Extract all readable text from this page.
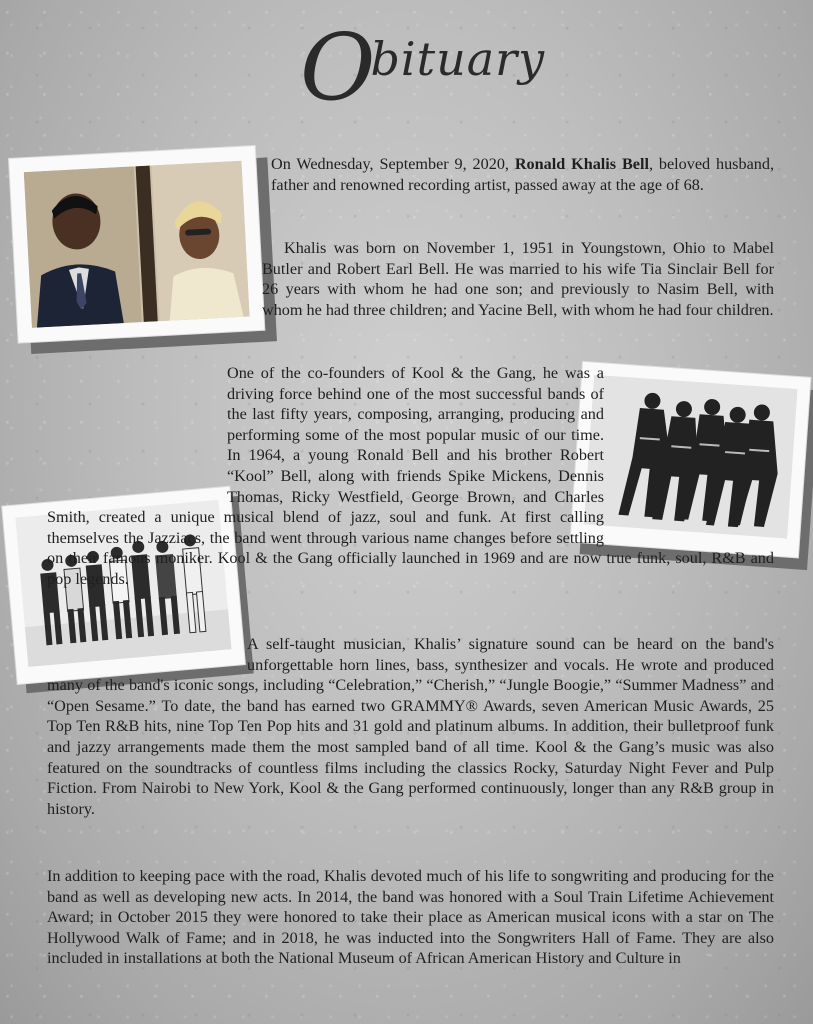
Obituary

On Wednesday, September 9, 2020, Ronald Khalis Bell, beloved husband, father and renowned recording artist, passed away at the age of 68.

Khalis was born on November 1, 1951 in Youngstown, Ohio to Mabel Butler and Robert Earl Bell. He was married to his wife Tia Sinclair Bell for 26 years with whom he had one son; and previously to Nasim Bell, with whom he had three children; and Yacine Bell, with whom he had four children.

One of the co-founders of Kool & the Gang, he was a driving force behind one of the most successful bands of the last fifty years, composing, arranging, producing and performing some of the most popular music of our time. In 1964, a young Ronald Bell and his brother Robert “Kool” Bell, along with friends Spike Mickens, Dennis Thomas, Ricky Westfield, George Brown, and Charles Smith, created a unique musical blend of jazz, soul and funk. At first calling themselves the Jazziacs, the band went through various name changes before settling on their famous moniker. Kool & the Gang officially launched in 1969 and are now true funk, soul, R&B and pop legends.

A self-taught musician, Khalis’ signature sound can be heard on the band's unforgettable horn lines, bass, synthesizer and vocals. He wrote and produced many of the band's iconic songs, including “Celebration,” “Cherish,” “Jungle Boogie,” “Summer Madness” and “Open Sesame.” To date, the band has earned two GRAMMY® Awards, seven American Music Awards, 25 Top Ten R&B hits, nine Top Ten Pop hits and 31 gold and platinum albums. In addition, their bulletproof funk and jazzy arrangements made them the most sampled band of all time. Kool & the Gang’s music was also featured on the soundtracks of countless films including the classics Rocky, Saturday Night Fever and Pulp Fiction. From Nairobi to New York, Kool & the Gang performed continuously, longer than any R&B group in history.

In addition to keeping pace with the road, Khalis devoted much of his life to songwriting and producing for the band as well as developing new acts. In 2014, the band was honored with a Soul Train Lifetime Achievement Award; in October 2015 they were honored to take their place as American musical icons with a star on The Hollywood Walk of Fame; and in 2018, he was inducted into the Songwriters Hall of Fame. They are also included in installations at both the National Museum of African American History and Culture in
